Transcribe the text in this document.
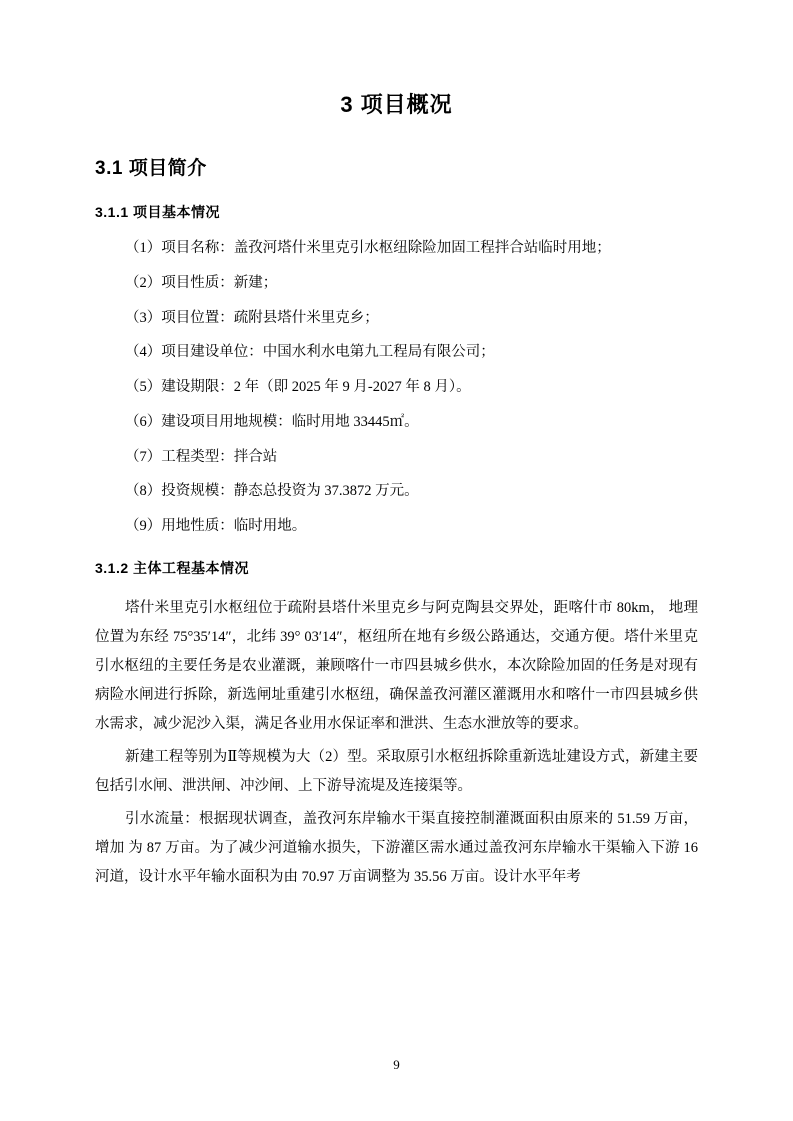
3 项目概况
3.1 项目简介
3.1.1 项目基本情况

（1）项目名称：盖孜河塔什米里克引水枢纽除险加固工程拌合站临时用地；

（2）项目性质：新建；

（3）项目位置：疏附县塔什米里克乡；

（4）项目建设单位：中国水利水电第九工程局有限公司；

（5）建设期限：2 年（即 2025 年 9 月-2027 年 8 月）。

（6）建设项目用地规模：临时用地 33445㎡。

（7）工程类型：拌合站

（8）投资规模：静态总投资为 37.3872 万元。

（9）用地性质：临时用地。

3.1.2 主体工程基本情况

塔什米里克引水枢纽位于疏附县塔什米里克乡与阿克陶县交界处，距喀什市 80km， 地理位置为东经 75°35′14″，北纬 39° 03′14″，枢纽所在地有乡级公路通达，交通方便。塔什米里克引水枢纽的主要任务是农业灌溉，兼顾喀什一市四县城乡供水，本次除险加固的任务是对现有病险水闸进行拆除，新选闸址重建引水枢纽，确保盖孜河灌区灌溉用水和喀什一市四县城乡供水需求，减少泥沙入渠，满足各业用水保证率和泄洪、生态水泄放等的要求。

新建工程等别为Ⅱ等规模为大（2）型。采取原引水枢纽拆除重新选址建设方式，新建主要包括引水闸、泄洪闸、冲沙闸、上下游导流堤及连接渠等。

引水流量：根据现状调查，盖孜河东岸输水干渠直接控制灌溉面积由原来的 51.59 万亩，增加 为 87 万亩。为了减少河道输水损失，下游灌区需水通过盖孜河东岸输水干渠输入下游 16 河道，设计水平年输水面积为由 70.97 万亩调整为 35.56 万亩。设计水平年考

9
